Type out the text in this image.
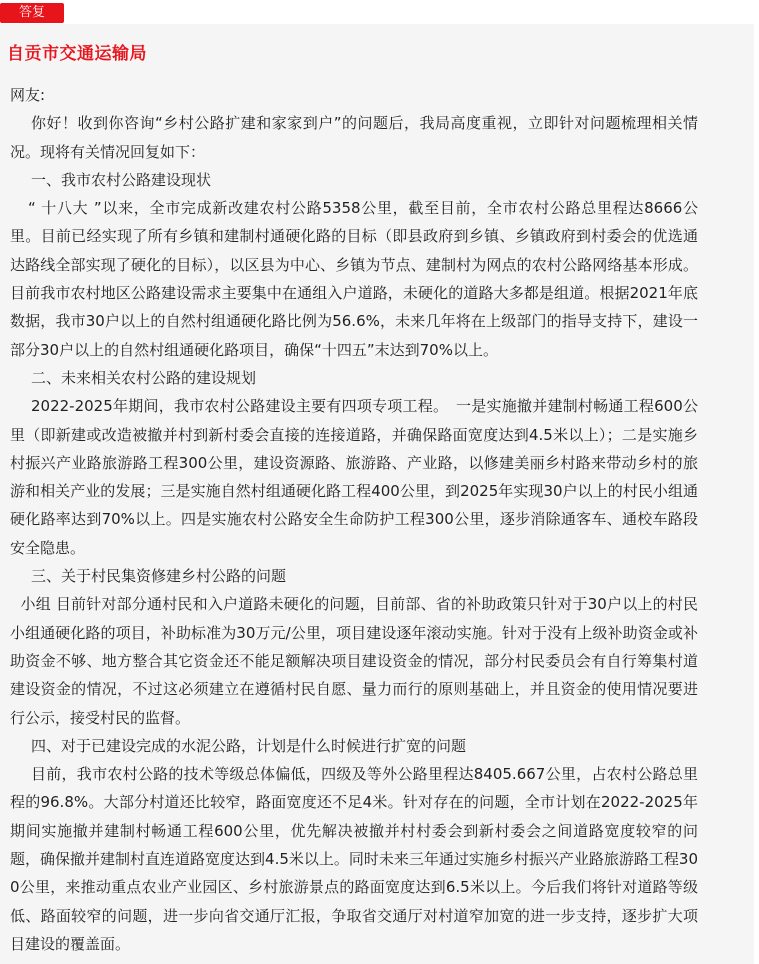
答复
自贡市交通运输局

网友:

你好！收到你咨询“乡村公路扩建和家家到户”的问题后，我局高度重视，立即针对问题梳理相关情况。现将有关情况回复如下：

一、我市农村公路建设现状

“ 十八大 ”以来，全市完成新改建农村公路5358公里，截至目前，全市农村公路总里程达8666公里。目前已经实现了所有乡镇和建制村通硬化路的目标（即县政府到乡镇、乡镇政府到村委会的优选通达路线全部实现了硬化的目标），以区县为中心、乡镇为节点、建制村为网点的农村公路网络基本形成。目前我市农村地区公路建设需求主要集中在通组入户道路，未硬化的道路大多都是组道。根据2021年底数据，我市30户以上的自然村组通硬化路比例为56.6%，未来几年将在上级部门的指导支持下，建设一部分30户以上的自然村组通硬化路项目，确保“十四五”末达到70%以上。

二、未来相关农村公路的建设规划

2022-2025年期间，我市农村公路建设主要有四项专项工程。　一是实施撤并建制村畅通工程600公里（即新建或改造被撤并村到新村委会直接的连接道路，并确保路面宽度达到4.5米以上）；二是实施乡村振兴产业路旅游路工程300公里，建设资源路、旅游路、产业路，以修建美丽乡村路来带动乡村的旅游和相关产业的发展；三是实施自然村组通硬化路工程400公里，到2025年实现30户以上的村民小组通硬化路率达到70%以上。四是实施农村公路安全生命防护工程300公里，逐步消除通客车、通校车路段安全隐患。

三、关于村民集资修建乡村公路的问题

小组 目前针对部分通村民和入户道路未硬化的问题，目前部、省的补助政策只针对于30户以上的村民小组通硬化路的项目，补助标准为30万元/公里，项目建设逐年滚动实施。针对于没有上级补助资金或补助资金不够、地方整合其它资金还不能足额解决项目建设资金的情况，部分村民委员会有自行筹集村道建设资金的情况，不过这必须建立在遵循村民自愿、量力而行的原则基础上，并且资金的使用情况要进行公示，接受村民的监督。

四、对于已建设完成的水泥公路，计划是什么时候进行扩宽的问题

目前，我市农村公路的技术等级总体偏低，四级及等外公路里程达8405.667公里，占农村公路总里程的96.8%。大部分村道还比较窄，路面宽度还不足4米。针对存在的问题，全市计划在2022-2025年期间实施撤并建制村畅通工程600公里，优先解决被撤并村村委会到新村委会之间道路宽度较窄的问题，确保撤并建制村直连道路宽度达到4.5米以上。同时未来三年通过实施乡村振兴产业路旅游路工程300公里，来推动重点农业产业园区、乡村旅游景点的路面宽度达到6.5米以上。今后我们将针对道路等级低、路面较窄的问题，进一步向省交通厅汇报，争取省交通厅对村道窄加宽的进一步支持，逐步扩大项目建设的覆盖面。
